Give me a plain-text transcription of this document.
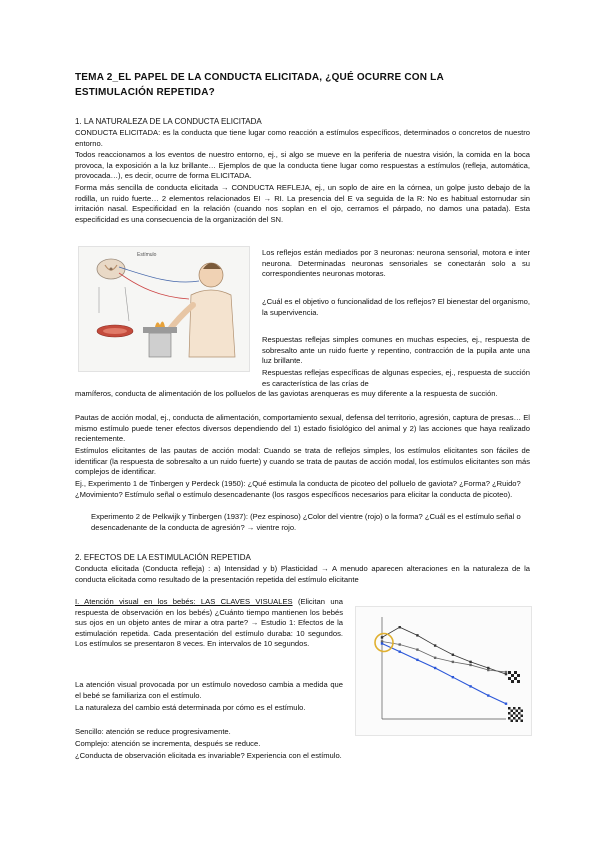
TEMA 2_EL PAPEL DE LA CONDUCTA ELICITADA, ¿QUÉ OCURRE CON LA
ESTIMULACIÓN REPETIDA?
1. LA NATURALEZA DE LA CONDUCTA ELICITADA
CONDUCTA ELICITADA: es la conducta que tiene lugar como reacción a estímulos específicos, determinados o concretos de nuestro entorno.
Todos reaccionamos a los eventos de nuestro entorno, ej., si algo se mueve en la periferia de nuestra visión, la comida en la boca provoca, la exposición a la luz brillante… Ejemplos de que la conducta tiene lugar como respuestas a estímulos (refleja, automática, provocada…), es decir, ocurre de forma ELICITADA.
Forma más sencilla de conducta elicitada → CONDUCTA REFLEJA, ej., un soplo de aire en la córnea, un golpe justo debajo de la rodilla, un ruido fuerte… 2 elementos relacionados EI → RI. La presencia del E va seguida de la R: No es habitual estornudar sin irritación nasal. Especificidad en la relación (cuando nos soplan en el ojo, cerramos el párpado, no damos una patada). Esta especificidad es una consecuencia de la organización del SN.
Estímulo	Los reflejos están mediados por 3 neuronas: neurona sensorial, motora e inter neurona. Determinadas neuronas sensoriales se conectarán solo a su correspondientes neuronas motoras.
¿Cuál es el objetivo o funcionalidad de los reflejos? El bienestar del organismo, la supervivencia.
Respuestas reflejas simples comunes en muchas especies, ej., respuesta de sobresalto ante un ruido fuerte y repentino, contracción de la pupila ante una luz brillante.
Respuestas reflejas específicas de algunas especies, ej., respuesta de succión es característica de las crías de
mamíferos, conducta de alimentación de los polluelos de las gaviotas arenqueras es muy diferente a la respuesta de succión.
Pautas de acción modal, ej., conducta de alimentación, comportamiento sexual, defensa del territorio, agresión, captura de presas… El mismo estímulo puede tener efectos diversos dependiendo del 1) estado fisiológico del animal y 2) las acciones que haya realizado recientemente.
Estímulos elicitantes de las pautas de acción modal: Cuando se trata de reflejos simples, los estímulos elicitantes son fáciles de identificar (la respuesta de sobresalto a un ruido fuerte) y cuando se trata de pautas de acción modal, los estímulos elicitantes son más complejos de identificar.
Ej., Experimento 1 de Tinbergen y Perdeck (1950): ¿Qué estimula la conducta de picoteo del polluelo de gaviota? ¿Forma? ¿Ruido? ¿Movimiento? Estímulo señal o estímulo desencadenante (los rasgos específicos necesarios para elicitar la conducta de picoteo).
Experimento 2 de Pelkwijk y Tinbergen (1937): (Pez espinoso) ¿Color del vientre (rojo) o la forma? ¿Cuál es el estímulo señal o desencadenante de la conducta de agresión? → vientre rojo.
2. EFECTOS DE LA ESTIMULACIÓN REPETIDA
Conducta elicitada (Conducta refleja) : a) Intensidad y b) Plasticidad → A menudo aparecen alteraciones en la naturaleza de la conducta elicitada como resultado de la presentación repetida del estímulo elicitante
I. Atención visual en los bebés: LAS CLAVES VISUALES (Elicitan una respuesta de observación en los bebés) ¿Cuánto tiempo mantienen los bebés sus ojos en un objeto antes de mirar a otra parte? → Estudio 1: Efectos de la estimulación repetida. Cada presentación del estímulo duraba: 10 segundos. Los estímulos se presentaron 8 veces. En intervalos de 10 segundos.
La atención visual provocada por un estímulo novedoso cambia a medida que el bebé se familiariza con el estímulo.
La naturaleza del cambio está determinada por cómo es el estímulo.
Sencillo: atención se reduce progresivamente.
Complejo: atención se incrementa, después se reduce.
¿Conducta de observación elicitada es invariable? Experiencia con el estímulo.
